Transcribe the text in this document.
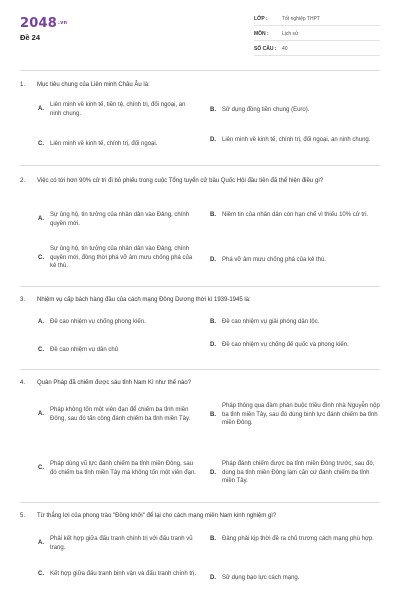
$2048^{.vn}$
Đề 24
LỚP :	Tốt nghiệp THPT
MÔN :	Lịch sử
SỐ CÂU :	40
1.	Mục tiêu chung của Liên minh Châu Âu là:
A.
Liên minh về kinh tế, tiền tệ, chính trị, đối ngoại, an ninh chung.
B.	Sử dụng đồng tiền chung (Euro).
C.	Liên minh về kinh tế, chính trị, đối ngoại.
D.	Liên minh về kinh tế, chính trị, đối ngoại, an ninh chung.
2.	Việc có tới hơn 90% cử tri đi bỏ phiếu trong cuộc Tổng tuyển cử bầu Quốc Hội đầu tiên đã thể hiện điều gì?
A.
Sự ủng hộ, tin tưởng của nhân dân vào Đảng, chính quyền mới.
B.	Niềm tin của nhân dân còn hạn chế vì thiếu 10% cử tri.
C.
Sự ủng hộ, tin tưởng của nhân dân vào Đảng, chính quyền mới, đồng thời phá vỡ âm mưu chống phá của kẻ thù.
D.	Phá vỡ âm mưu chống phá của kẻ thù.
3.	Nhiệm vụ cấp bách hàng đầu của cách mạng Đông Dương thời kì 1939-1945 là:
A.	Đề cao nhiệm vụ chống phong kiến.	B.	Đề cao nhiệm vụ giải phóng dân tộc.
C.	Đề cao nhiệm vụ dân chủ
D.	Đề cao nhiệm vụ chống đế quốc và phong kiến.
4.	Quân Pháp đã chiếm được sáu tỉnh Nam Kì như thế nào?
A.
Pháp không tốn một viên đạn để chiếm ba tỉnh miền Đông, sau đó tấn công đánh chiếm ba tỉnh miền Tây.
B.
Pháp thông qua đàm phán buộc triều đình nhà Nguyễn nộp ba tỉnh miền Tây, sau đó dùng binh lực đánh chiếm ba tỉnh miền Đông.
C.
Pháp dùng vũ lực đánh chiếm ba tỉnh miền Đông, sau đó chiếm ba tỉnh miền Tây mà không tốn một viên đạn.	D.
Pháp đánh chiếm được ba tỉnh miền Đông trước, sau đó, dùng ba tỉnh miền Đông làm căn cứ đánh chiếm ba tỉnh miền Tây.
5.	Từ thắng lợi của phong trào "Đồng khởi" để lại cho cách mạng miền Nam kinh nghiệm gì?
A.
Phải kết hợp giữa đấu tranh chính trị với đấu tranh vũ trang.
B.	Đảng phải kịp thời đề ra chủ trương cách mạng phù hợp.
C.	Kết hợp giữa đấu tranh binh vận và đấu tranh chính trị.
D.	Sử dụng bạo lực cách mạng.
